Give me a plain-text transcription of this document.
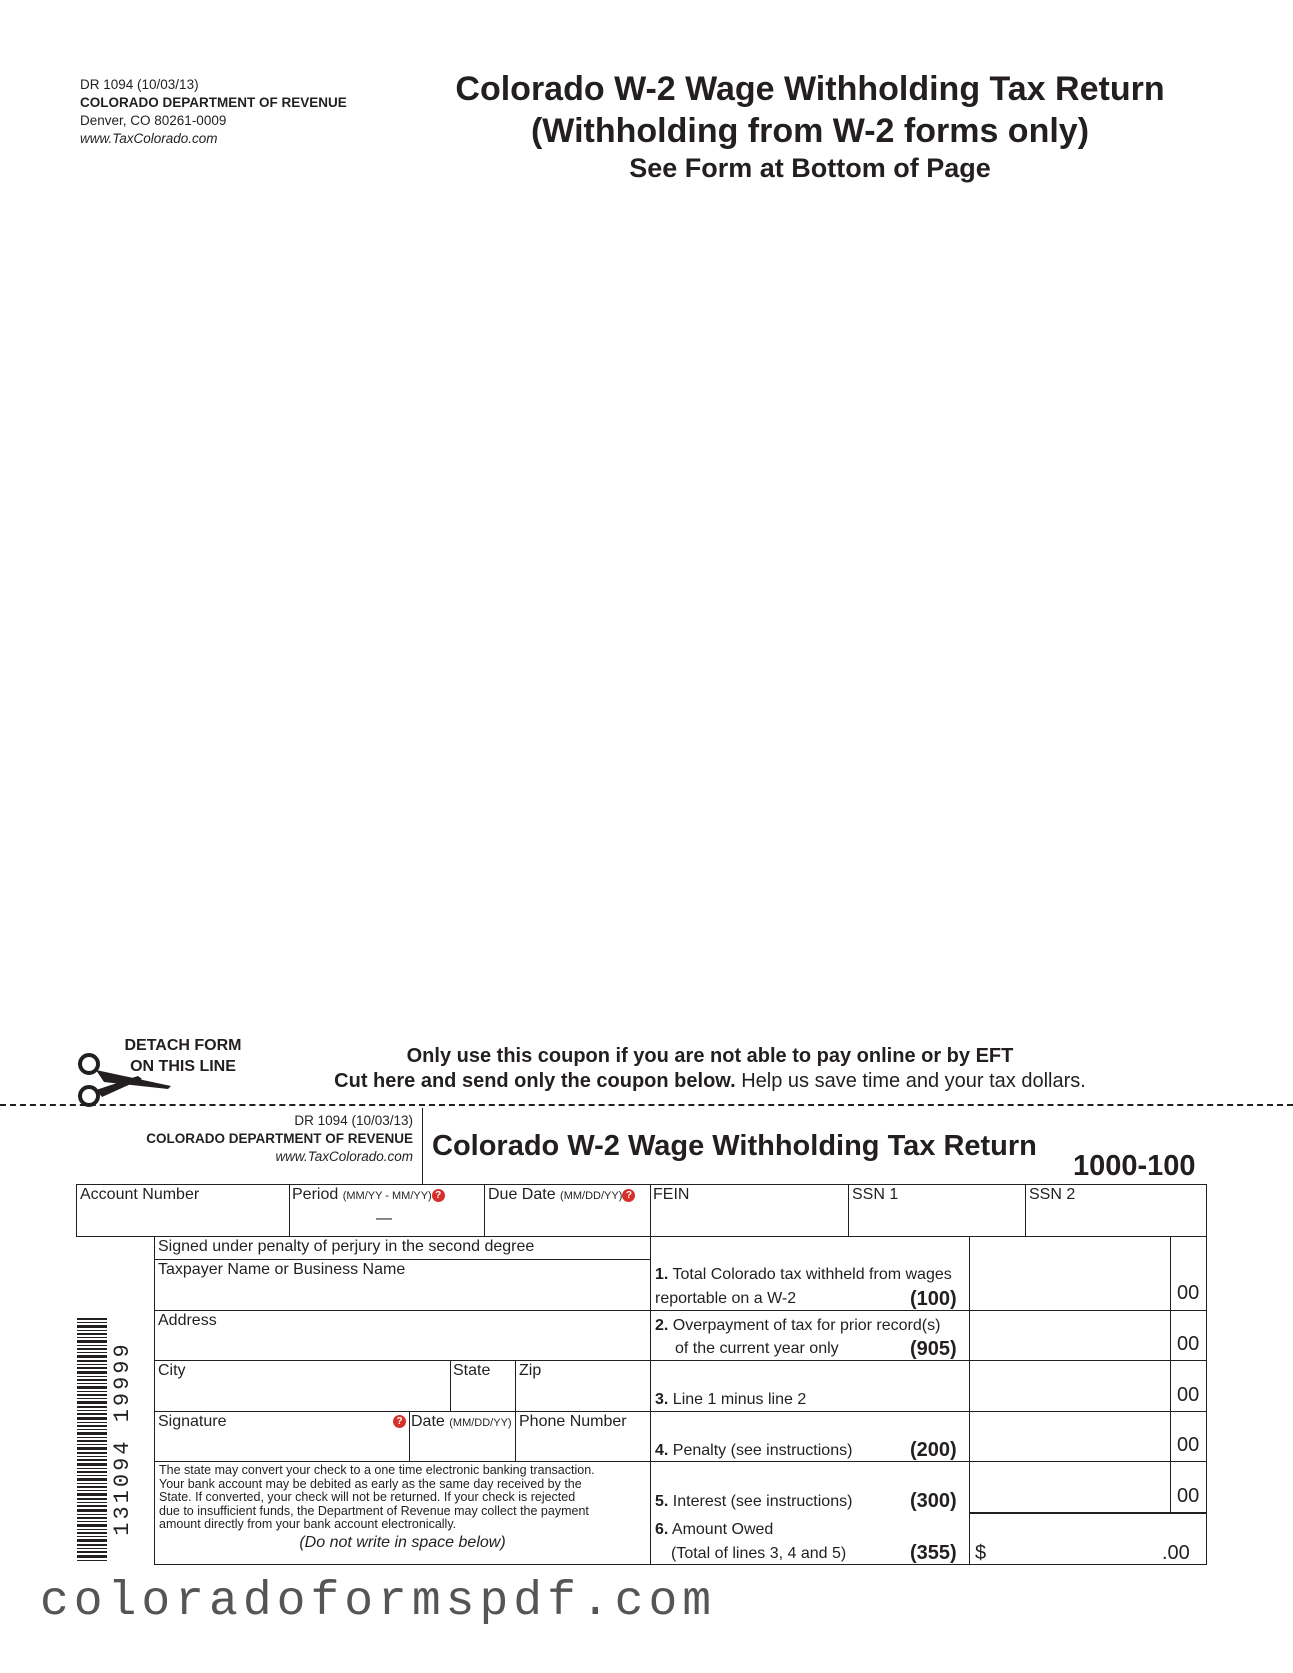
DR 1094 (10/03/13)
COLORADO DEPARTMENT OF REVENUE
Denver, CO 80261-0009
www.TaxColorado.com
Colorado W-2 Wage Withholding Tax Return
(Withholding from W-2 forms only)
See Form at Bottom of Page
DETACH FORM
ON THIS LINE	Only use this coupon if you are not able to pay online or by EFT
Cut here and send only the coupon below. Help us save time and your tax dollars.
DR 1094 (10/03/13)
COLORADO DEPARTMENT OF REVENUE
www.TaxColorado.com Colorado W-2 Wage Withholding Tax Return
1000-100
Account Number	Period (MM/YY - MM/YY) ?
—
Due Date (MM/DD/YY) ? FEIN	SSN 1	SSN 2
Signed under penalty of perjury in the second degree
Taxpayer Name or Business Name
Address
City	State Zip
Signature	? Date (MM/DD/YY) Phone Number
The state may convert your check to a one time electronic banking transaction.
Your bank account may be debited as early as the same day received by the
State. If converted, your check will not be returned. If your check is rejected
due to insufficient funds, the Department of Revenue may collect the payment
amount directly from your bank account electronically.
(Do not write in space below)
1. Total Colorado tax withheld from wages
reportable on a W-2	(100)	00
2. Overpayment of tax for prior record(s)
of the current year only	(905)	00
3. Line 1 minus line 2	00
4. Penalty (see instructions)	(200)	00
5. Interest (see instructions)	(300)	00
6. Amount Owed
(Total of lines 3, 4 and 5)	(355) $	.00
131094 19999
coloradoformspdf.com
